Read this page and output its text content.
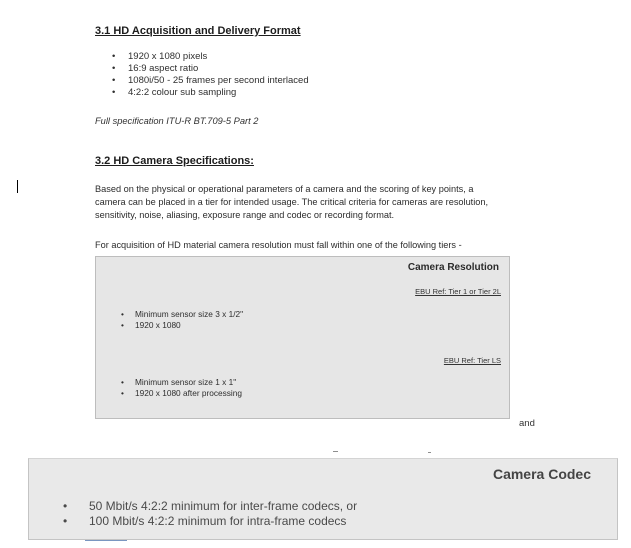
3.1 HD Acquisition and Delivery Format
• 1920 x 1080 pixels
• 16:9 aspect ratio
• 1080i/50 - 25 frames per second interlaced
• 4:2:2 colour sub sampling
Full specification ITU-R BT.709-5 Part 2
3.2 HD Camera Specifications:
Based on the physical or operational parameters of a camera and the scoring of key points, a
camera can be placed in a tier for intended usage. The critical criteria for cameras are resolution,
sensitivity, noise, aliasing, exposure range and codec or recording format.
For acquisition of HD material camera resolution must fall within one of the following tiers -
Camera Resolution
EBU Ref: Tier 1 or Tier 2L
• Minimum sensor size 3 x 1/2"
• 1920 x 1080
EBU Ref: Tier LS
• Minimum sensor size 1 x 1"
• 1920 x 1080 after processing
and
Camera Codec
• 50 Mbit/s 4:2:2 minimum for inter-frame codecs, or
• 100 Mbit/s 4:2:2 minimum for intra-frame codecs
